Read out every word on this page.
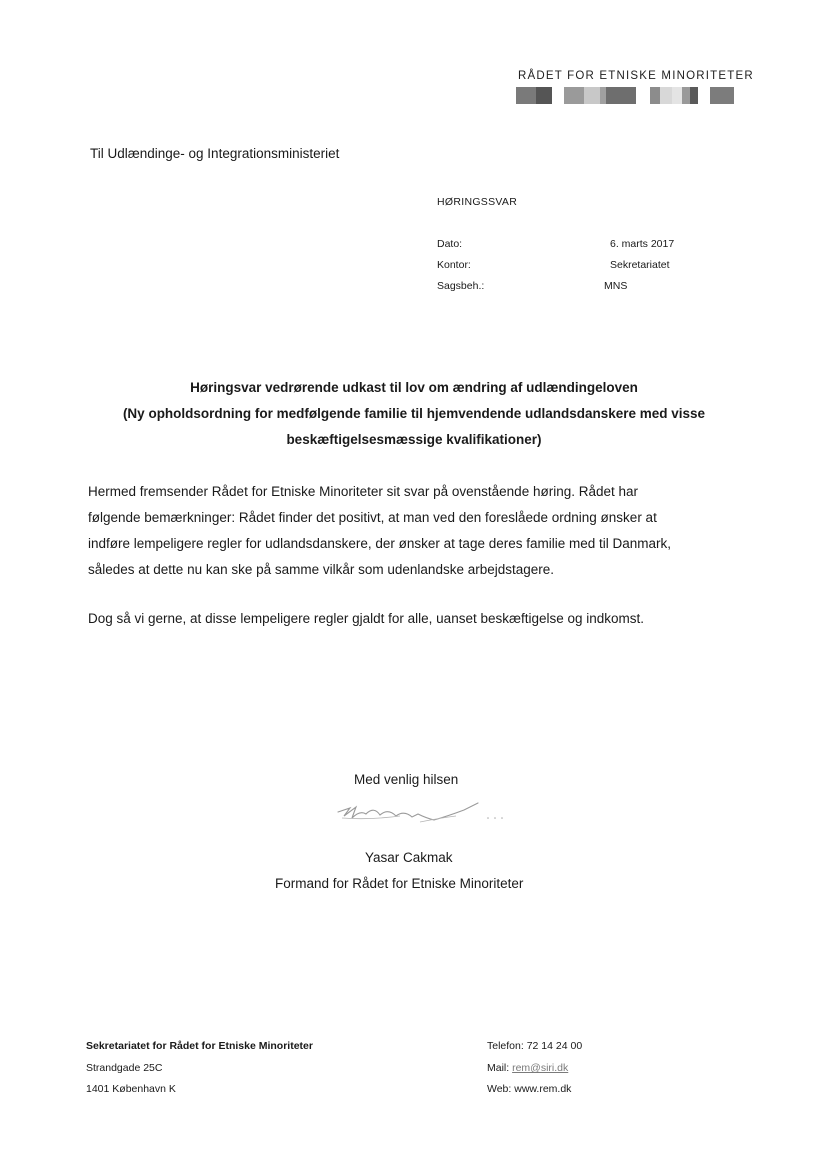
RÅDET FOR ETNISKE MINORITETER
Til Udlændinge- og Integrationsministeriet
HØRINGSSVAR
Dato:	6. marts 2017
Kontor:	Sekretariatet
Sagsbeh.:	MNS
Høringsvar vedrørende udkast til lov om ændring af udlændingeloven
(Ny opholdsordning for medfølgende familie til hjemvendende udlandsdanskere med visse
beskæftigelsesmæssige kvalifikationer)
Hermed fremsender Rådet for Etniske Minoriteter sit svar på ovenstående høring. Rådet har
følgende bemærkninger: Rådet finder det positivt, at man ved den foreslåede ordning ønsker at
indføre lempeligere regler for udlandsdanskere, der ønsker at tage deres familie med til Danmark,
således at dette nu kan ske på samme vilkår som udenlandske arbejdstagere.
Dog så vi gerne, at disse lempeligere regler gjaldt for alle, uanset beskæftigelse og indkomst.
Med venlig hilsen
Yasar Cakmak
Formand for Rådet for Etniske Minoriteter
Sekretariatet for Rådet for Etniske Minoriteter
Strandgade 25C
1401 København K
Telefon: 72 14 24 00
Mail: rem@siri.dk
Web: www.rem.dk
